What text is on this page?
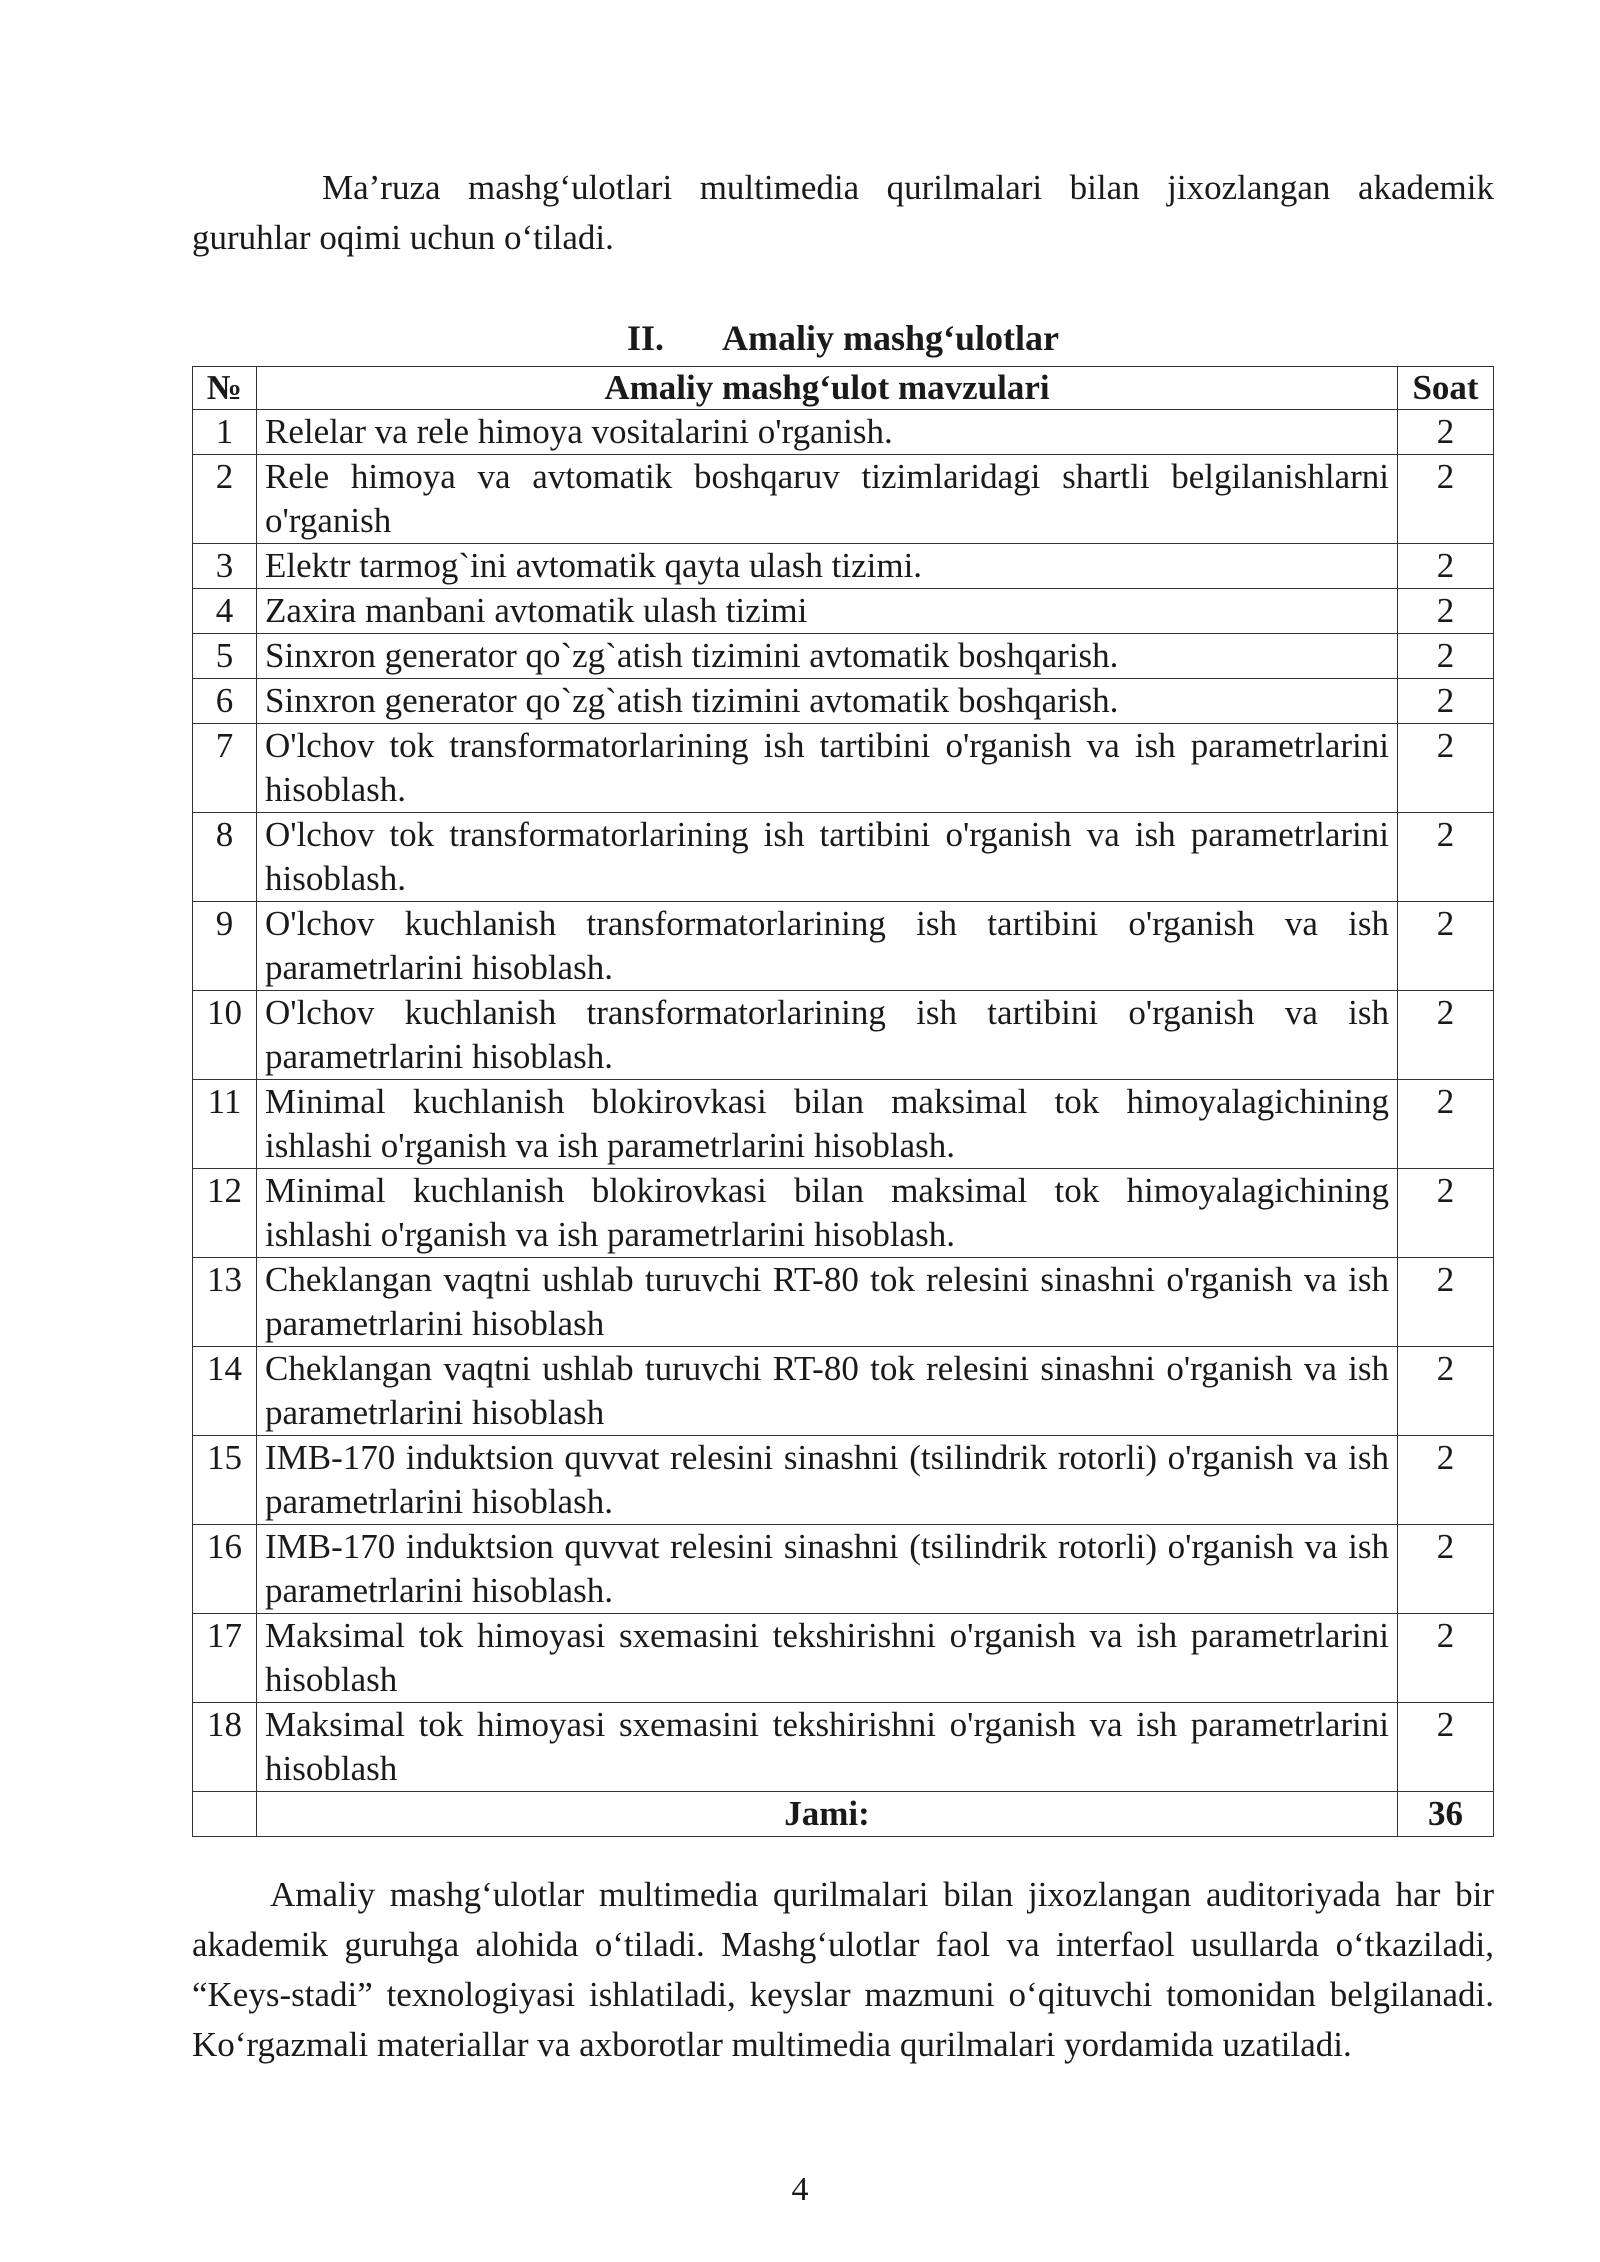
Ma’ruza mashg‘ulotlari multimedia qurilmalari bilan jixozlangan akademik guruhlar oqimi uchun o‘tiladi.

II. Amaliy mashg‘ulotlar
№	Amaliy mashg‘ulot mavzulari	Soat
1	Relelar va rele himoya vositalarini o'rganish.	2
2	Rele himoya va avtomatik boshqaruv tizimlaridagi shartli belgilanishlarni o'rganish	2
3	Elektr tarmog`ini avtomatik qayta ulash tizimi.	2
4	Zaxira manbani avtomatik ulash tizimi	2
5	Sinxron generator qo`zg`atish tizimini avtomatik boshqarish.	2
6	Sinxron generator qo`zg`atish tizimini avtomatik boshqarish.	2
7	O'lchov tok transformatorlarining ish tartibini o'rganish va ish parametrlarini hisoblash.	2
8	O'lchov tok transformatorlarining ish tartibini o'rganish va ish parametrlarini hisoblash.	2
9	O'lchov kuchlanish transformatorlarining ish tartibini o'rganish va ish parametrlarini hisoblash.	2
10	O'lchov kuchlanish transformatorlarining ish tartibini o'rganish va ish parametrlarini hisoblash.	2
11	Minimal kuchlanish blokirovkasi bilan maksimal tok himoyalagichining ishlashi o'rganish va ish parametrlarini hisoblash.	2
12	Minimal kuchlanish blokirovkasi bilan maksimal tok himoyalagichining ishlashi o'rganish va ish parametrlarini hisoblash.	2
13	Cheklangan vaqtni ushlab turuvchi RT-80 tok relesini sinashni o'rganish va ish parametrlarini hisoblash	2
14	Cheklangan vaqtni ushlab turuvchi RT-80 tok relesini sinashni o'rganish va ish parametrlarini hisoblash	2
15	IMB-170 induktsion quvvat relesini sinashni (tsilindrik rotorli) o'rganish va ish parametrlarini hisoblash.	2
16	IMB-170 induktsion quvvat relesini sinashni (tsilindrik rotorli) o'rganish va ish parametrlarini hisoblash.	2
17	Maksimal tok himoyasi sxemasini tekshirishni o'rganish va ish parametrlarini hisoblash	2
18	Maksimal tok himoyasi sxemasini tekshirishni o'rganish va ish parametrlarini hisoblash	2
	Jami:	36

Amaliy mashg‘ulotlar multimedia qurilmalari bilan jixozlangan auditoriyada har bir akademik guruhga alohida o‘tiladi. Mashg‘ulotlar faol va interfaol usullarda o‘tkaziladi, “Keys-stadi” texnologiyasi ishlatiladi, keyslar mazmuni o‘qituvchi tomonidan belgilanadi. Ko‘rgazmali materiallar va axborotlar multimedia qurilmalari yordamida uzatiladi.

4
